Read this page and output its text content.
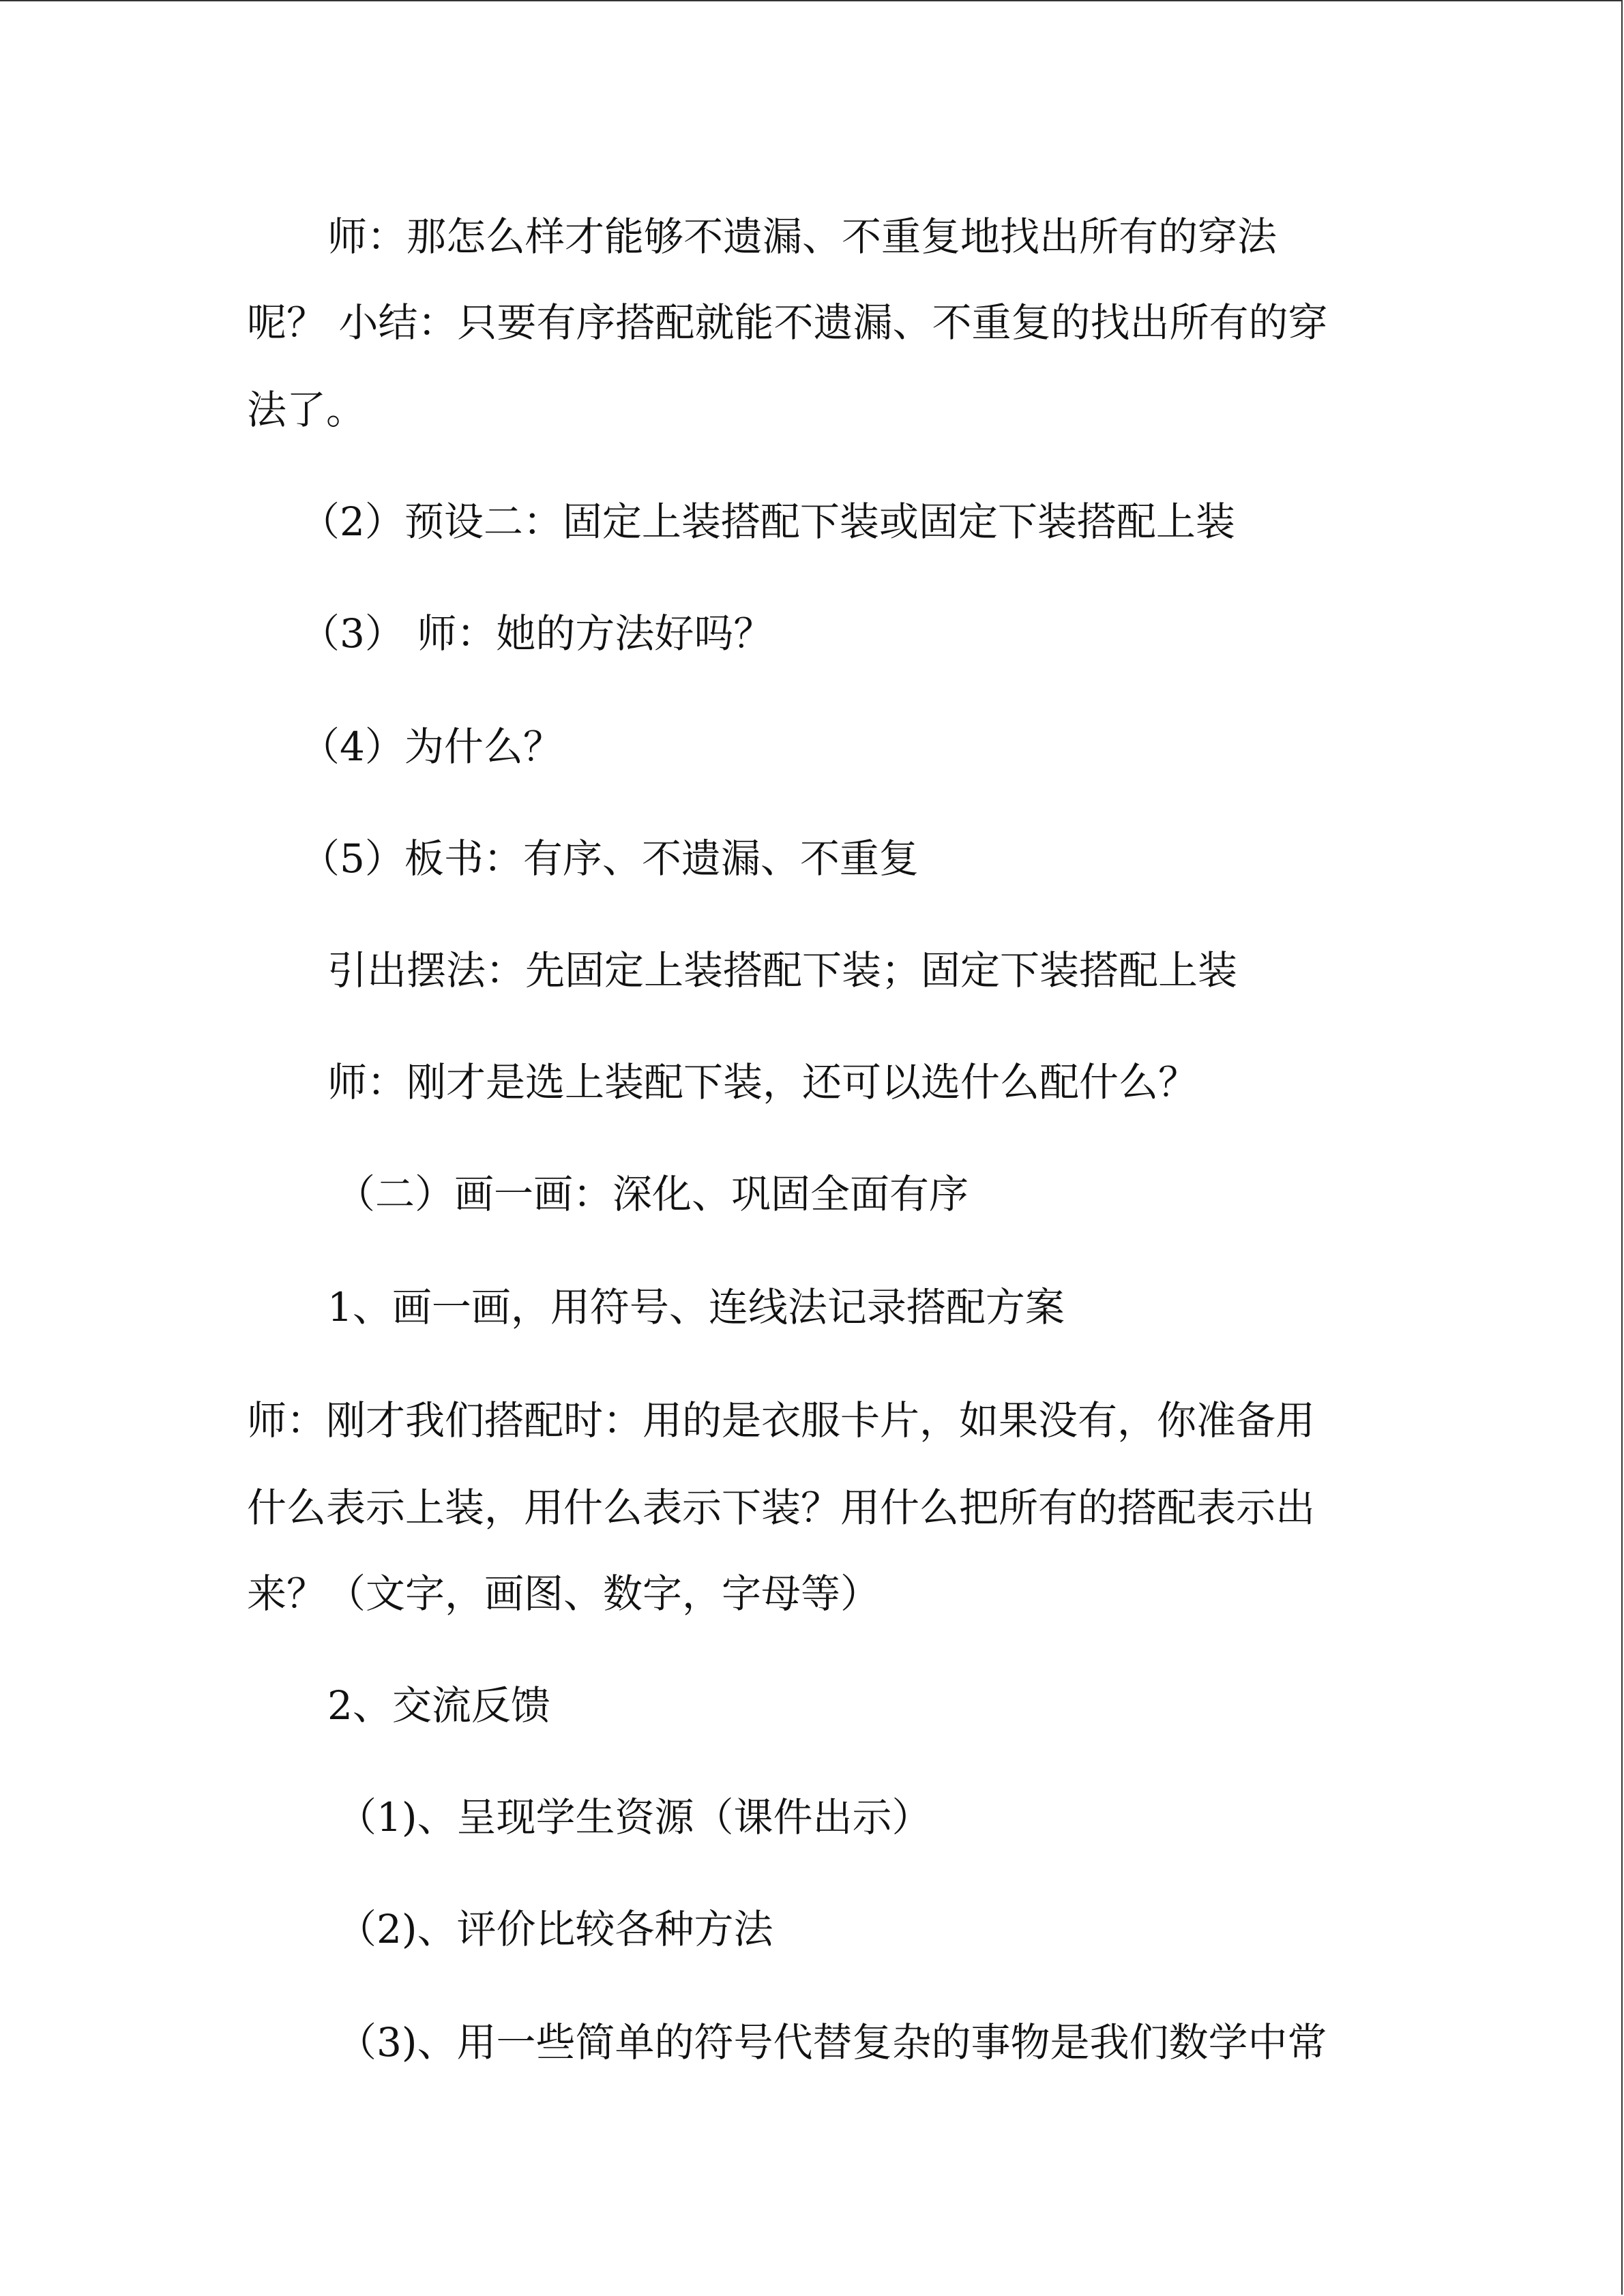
师：那怎么样才能够不遗漏、不重复地找出所有的穿法
呢？ 小结：只要有序搭配就能不遗漏、不重复的找出所有的穿
法了。
（2）预设二：固定上装搭配下装或固定下装搭配上装
（3） 师：她的方法好吗？
（4）为什么？
（5）板书：有序、不遗漏、不重复
引出摆法：先固定上装搭配下装；固定下装搭配上装
师：刚才是选上装配下装，还可以选什么配什么？
（二）画一画：深化、巩固全面有序
1、画一画，用符号、连线法记录搭配方案
师：刚才我们搭配时：用的是衣服卡片，如果没有，你准备用
什么表示上装，用什么表示下装？用什么把所有的搭配表示出
来？（文字，画图、数字，字母等）
2、交流反馈
（1)、呈现学生资源（课件出示）
（2)、评价比较各种方法
（3)、用一些简单的符号代替复杂的事物是我们数学中常
